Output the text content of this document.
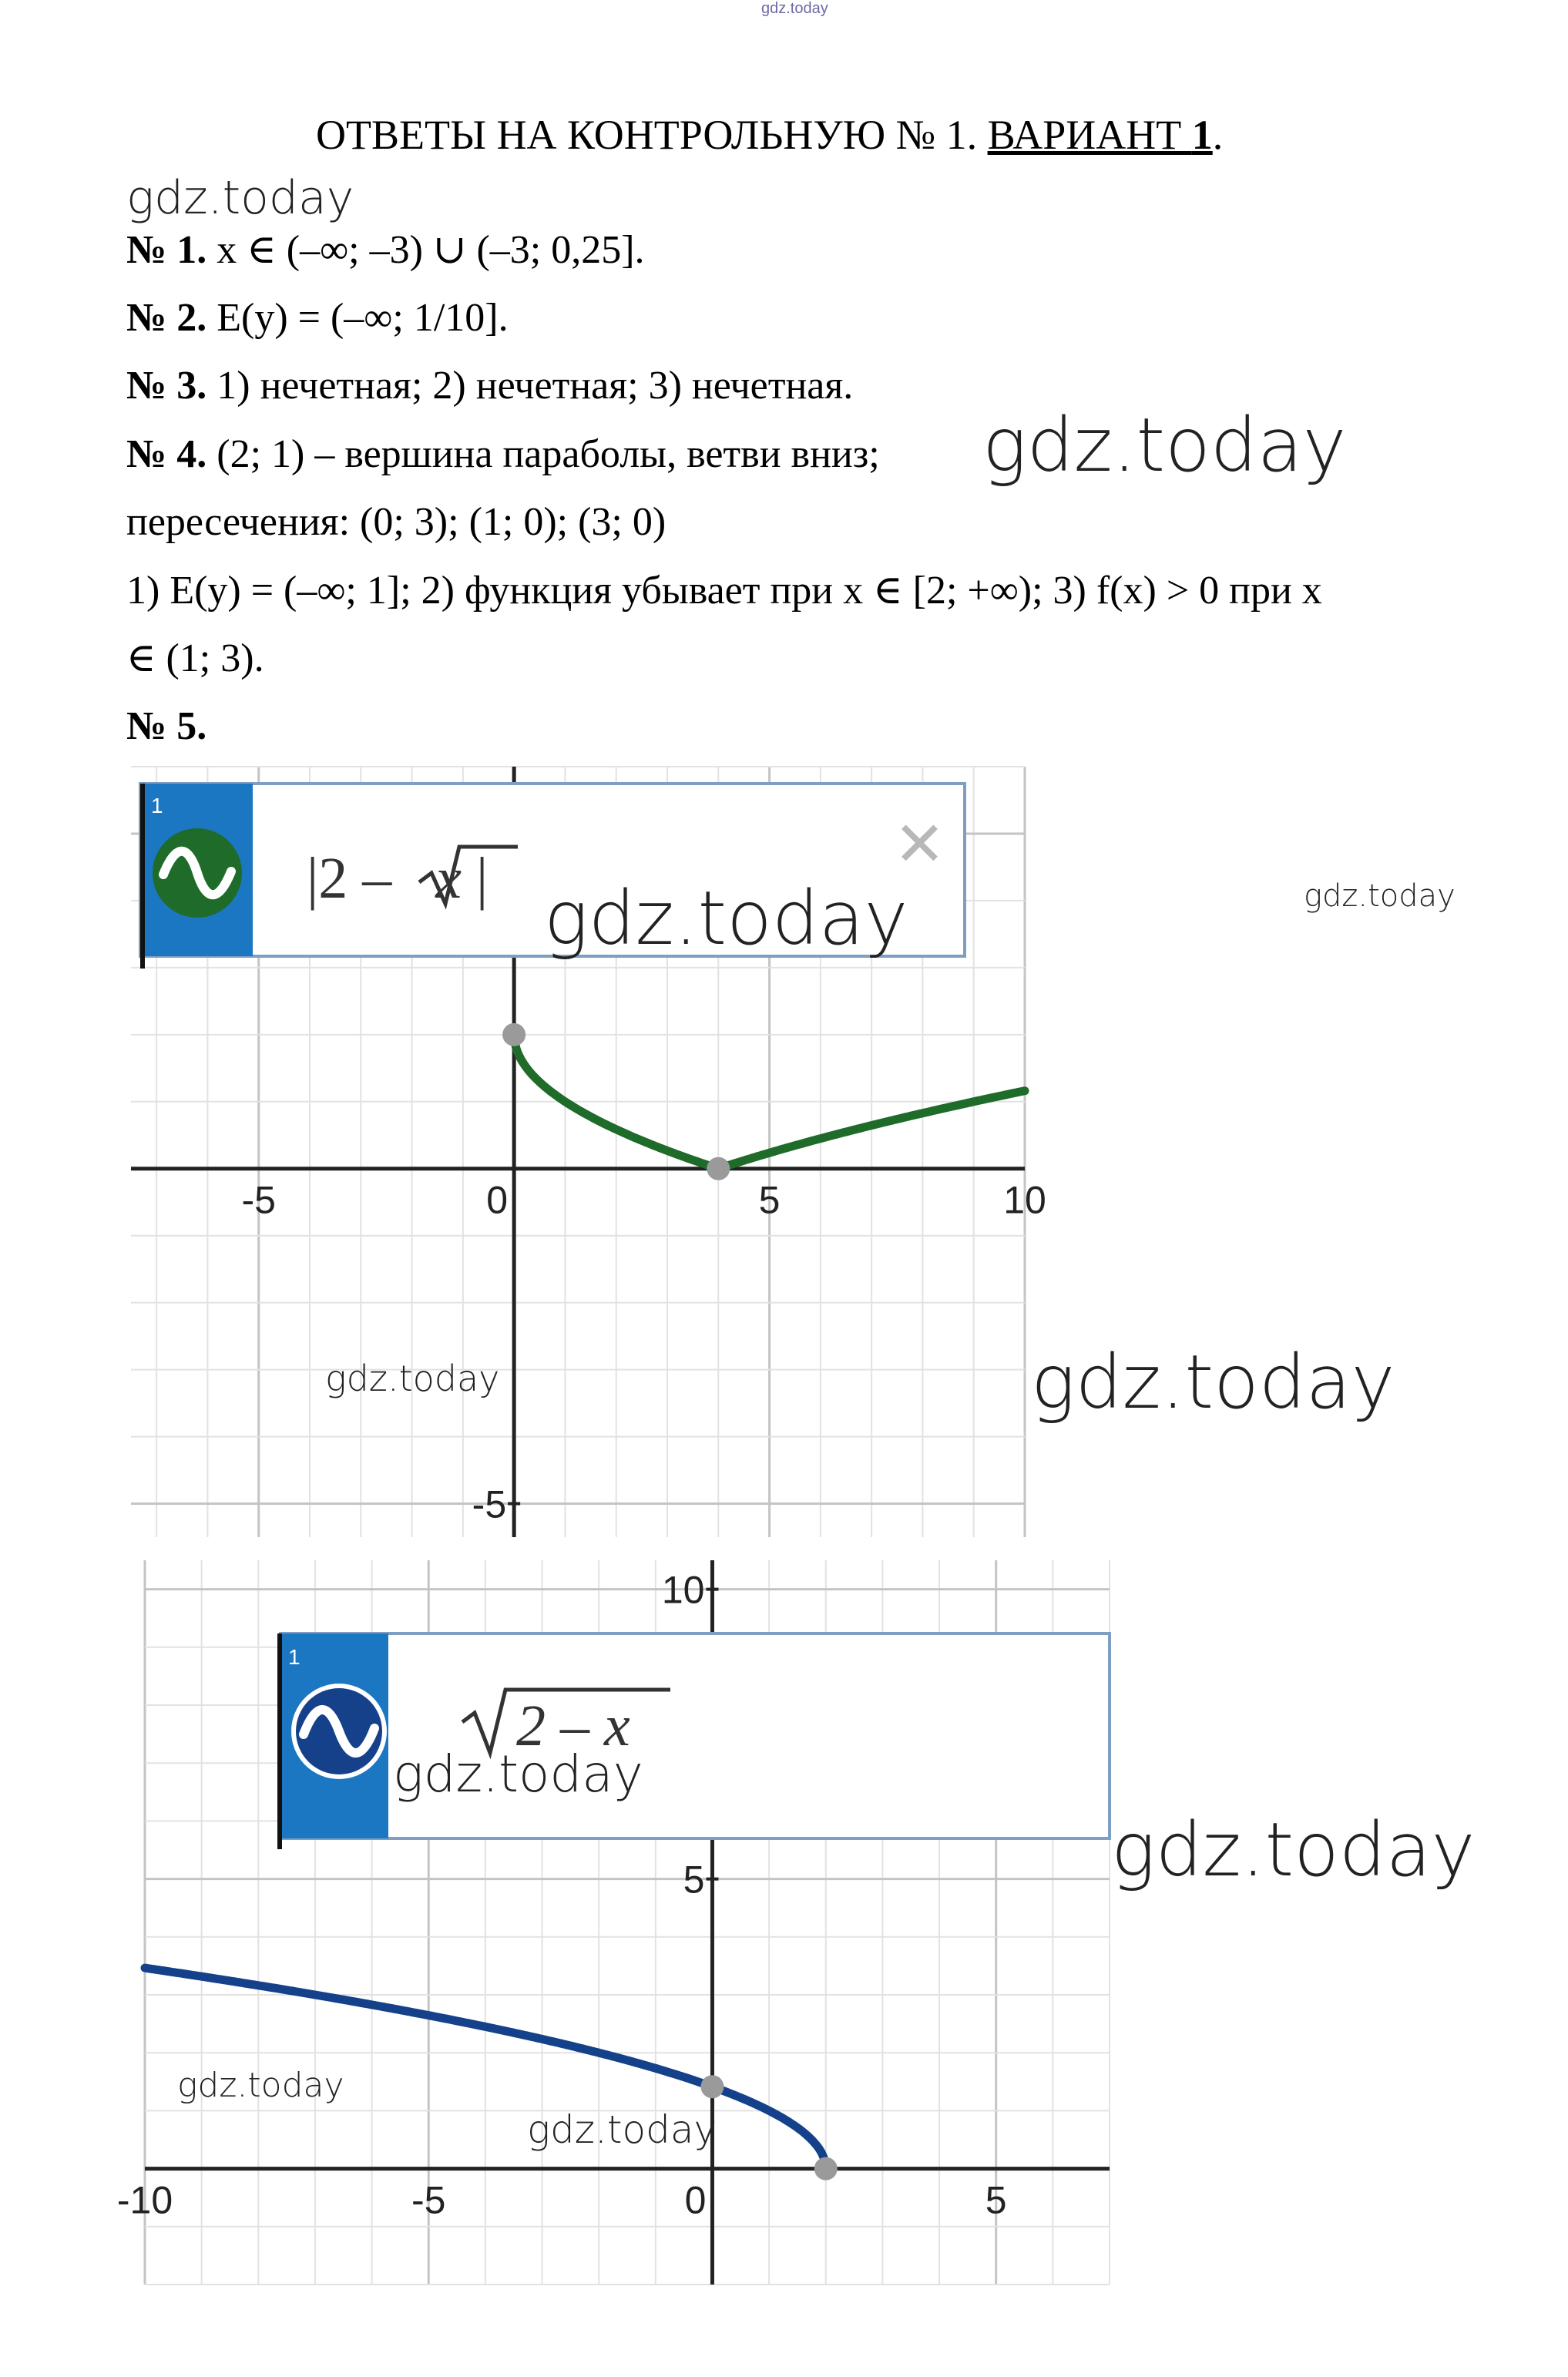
gdz.today
ОТВЕТЫ НА КОНТРОЛЬНУЮ № 1. ВАРИАНТ 1.
gdz.today
№ 1. x ∈ (–∞; –3) ∪ (–3; 0,25].
№ 2. E(y) = (–∞; 1/10].
№ 3. 1) нечетная; 2) нечетная; 3) нечетная.
№ 4. (2; 1) – вершина параболы, ветви вниз; gdz.today
пересечения: (0; 3); (1; 0); (3; 0)
1) E(y) = (–∞; 1]; 2) функция убывает при x ∈ [2; +∞); 3) f(x) > 0 при x
∈ (1; 3).
№ 5.
-5	0	5	10
-5
1
|2 – x |	✕
gdz.today
gdz.today
gdz.today
gdz.today
-10	-5	0	5
10
5
1
2 – x
gdz.today
gdz.today
gdz.today
gdz.today
